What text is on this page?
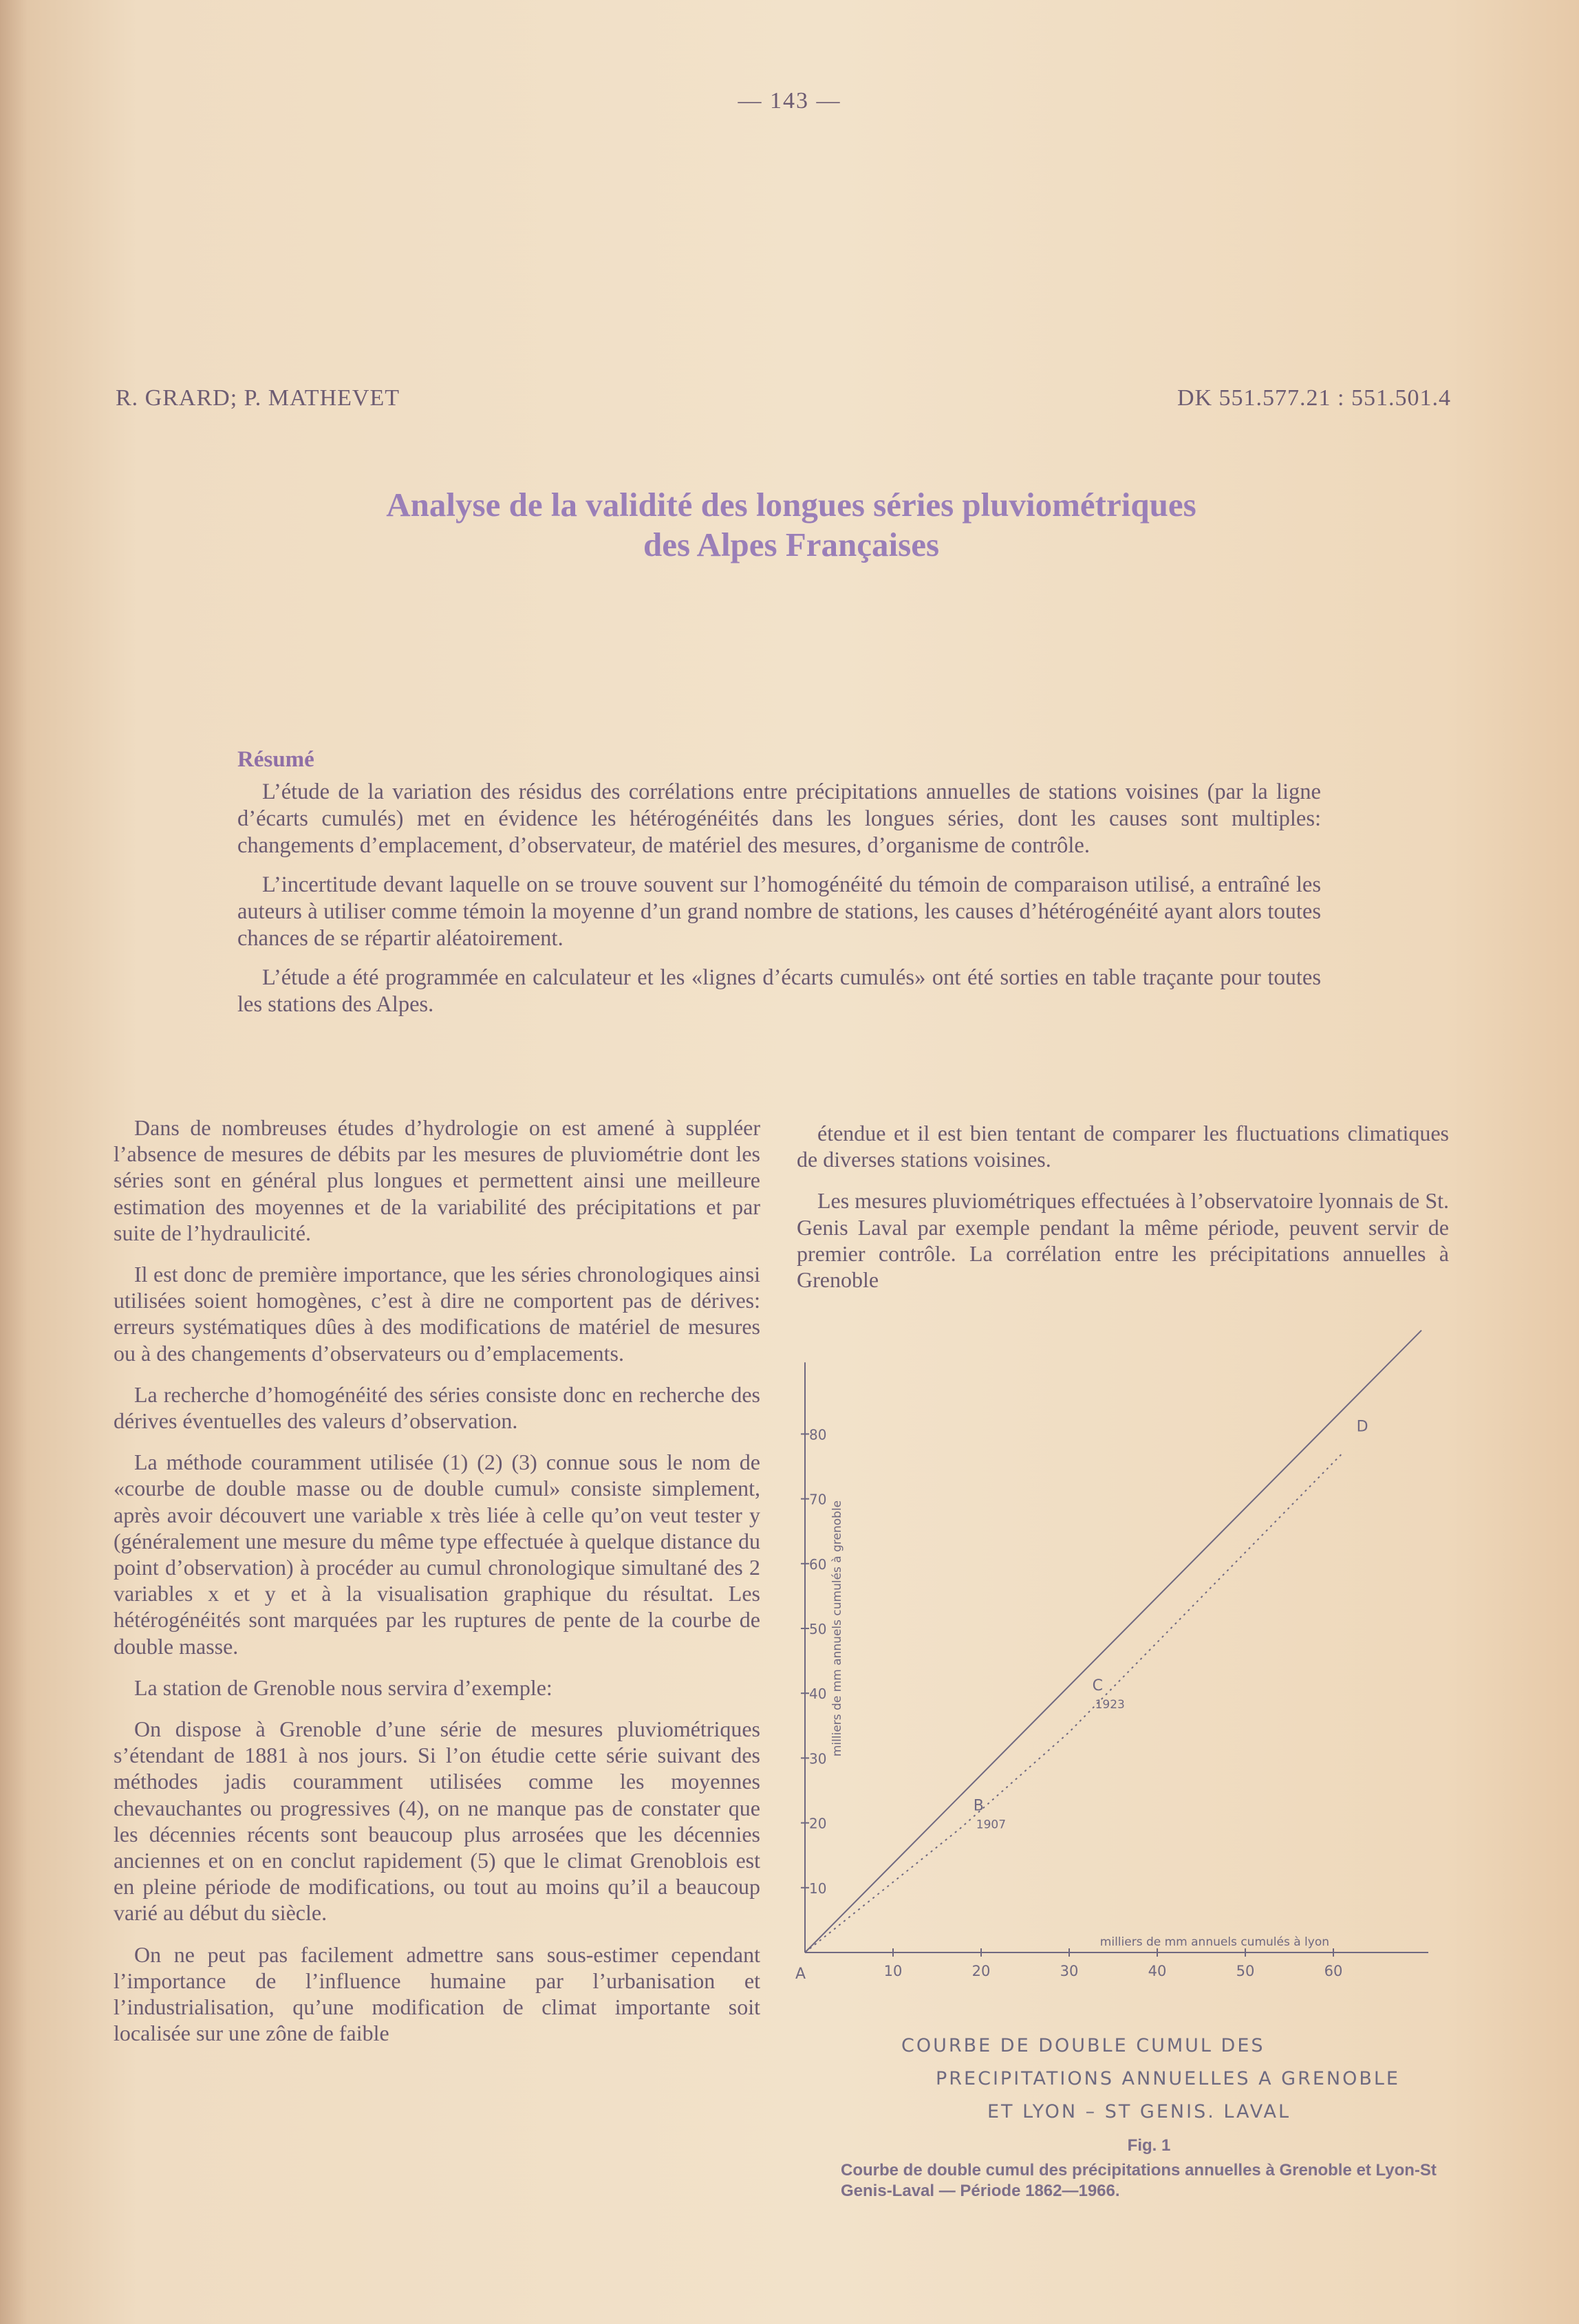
— 143 —
R. GRARD; P. MATHEVET	DK 551.577.21 : 551.501.4
Analyse de la validité des longues séries pluviométriques
des Alpes Françaises
Résumé

L’étude de la variation des résidus des corrélations entre précipitations annuelles de stations voisines (par la ligne d’écarts cumulés) met en évidence les hétérogénéités dans les longues séries, dont les causes sont multiples: changements d’emplacement, d’observateur, de matériel des mesures, d’organisme de contrôle.

L’incertitude devant laquelle on se trouve souvent sur l’homogénéité du témoin de comparaison utilisé, a entraîné les auteurs à utiliser comme témoin la moyenne d’un grand nombre de stations, les causes d’hétérogénéité ayant alors toutes chances de se répartir aléatoirement.

L’étude a été programmée en calculateur et les «lignes d’écarts cumulés» ont été sorties en table traçante pour toutes les stations des Alpes.

Dans de nombreuses études d’hydrologie on est amené à suppléer l’absence de mesures de débits par les mesures de pluviométrie dont les séries sont en général plus longues et permettent ainsi une meilleure estimation des moyennes et de la variabilité des précipitations et par suite de l’hydraulicité.

Il est donc de première importance, que les séries chronologiques ainsi utilisées soient homogènes, c’est à dire ne comportent pas de dérives: erreurs systématiques dûes à des modifications de matériel de mesures ou à des changements d’observateurs ou d’emplacements.

La recherche d’homogénéité des séries consiste donc en recherche des dérives éventuelles des valeurs d’observation.

La méthode couramment utilisée (1) (2) (3) connue sous le nom de «courbe de double masse ou de double cumul» consiste simplement, après avoir découvert une variable x très liée à celle qu’on veut tester y (généralement une mesure du même type effectuée à quelque distance du point d’observation) à procéder au cumul chronologique simultané des 2 variables x et y et à la visualisation graphique du résultat. Les hétérogénéités sont marquées par les ruptures de pente de la courbe de double masse.

La station de Grenoble nous servira d’exemple:

On dispose à Grenoble d’une série de mesures pluviométriques s’étendant de 1881 à nos jours. Si l’on étudie cette série suivant des méthodes jadis couramment utilisées comme les moyennes chevauchantes ou progressives (4), on ne manque pas de constater que les décennies récents sont beaucoup plus arrosées que les décennies anciennes et on en conclut rapidement (5) que le climat Grenoblois est en pleine période de modifications, ou tout au moins qu’il a beaucoup varié au début du siècle.

On ne peut pas facilement admettre sans sous-estimer cependant l’importance de l’influence humaine par l’urbanisation et l’industrialisation, qu’une modification de climat importante soit localisée sur une zône de faible

étendue et il est bien tentant de comparer les fluctuations climatiques de diverses stations voisines.

Les mesures pluviométriques effectuées à l’observatoire lyonnais de St. Genis Laval par exemple pendant la même période, peuvent servir de premier contrôle. La corrélation entre les précipitations annuelles à Grenoble

10	20	30	40	50	60
10
20
30
40
50
60
70
80
milliers de mm annuels cumulés à lyon
milliers de mm annuels cumulés à grenoble
A
B
1907
C
1923
D
COURBE DE DOUBLE CUMUL DES
PRECIPITATIONS ANNUELLES A GRENOBLE
ET LYON – ST GENIS. LAVAL
Fig. 1
Courbe de double cumul des précipitations annuelles à Grenoble et Lyon-St Genis-Laval — Période 1862—1966.
